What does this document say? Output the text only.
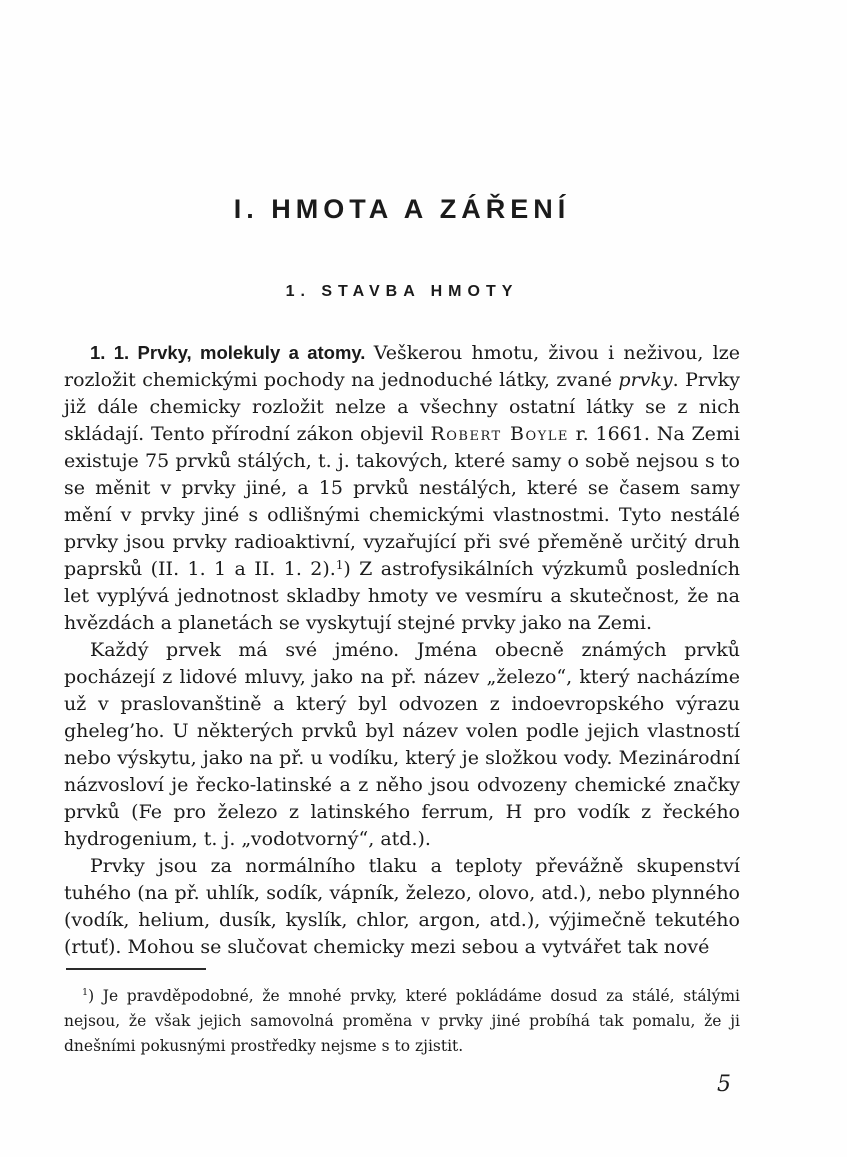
I. HMOTA A ZÁŘENÍ
1. STAVBA HMOTY

1. 1. Prvky, molekuly a atomy. Veškerou hmotu, živou i neživou, lze rozložit chemickými pochody na jednoduché látky, zvané prvky. Prvky již dále chemicky rozložit nelze a všechny ostatní látky se z nich skládají. Tento přírodní zákon objevil Robert Boyle r. 1661. Na Zemi existuje 75 prvků stálých, t. j. takových, které samy o sobě nejsou s to se měnit v prvky jiné, a 15 prvků nestálých, které se časem samy mění v prvky jiné s odlišnými chemickými vlastnostmi. Tyto nestálé prvky jsou prvky radioaktivní, vyzařující při své přeměně určitý druh paprsků (II. 1. 1 a II. 1. 2).$^1$) Z astrofysikálních výzkumů posledních let vyplývá jednotnost skladby hmoty ve vesmíru a skutečnost, že na hvězdách a planetách se vyskytují stejné prvky jako na Zemi.

Každý prvek má své jméno. Jména obecně známých prvků pocházejí z lidové mluvy, jako na př. název „železo“, který nacházíme už v praslovanštině a který byl odvozen z indoevropského výrazu gheleg’ho. U některých prvků byl název volen podle jejich vlastností nebo výskytu, jako na př. u vodíku, který je složkou vody. Mezinárodní názvosloví je řecko-latinské a z něho jsou odvozeny chemické značky prvků (Fe pro železo z latinského ferrum, H pro vodík z řeckého hydrogenium, t. j. „vodotvorný“, atd.).

Prvky jsou za normálního tlaku a teploty převážně skupenství tuhého (na př. uhlík, sodík, vápník, železo, olovo, atd.), nebo plynného (vodík, helium, dusík, kyslík, chlor, argon, atd.), výjimečně tekutého (rtuť). Mohou se slučovat chemicky mezi sebou a vytvářet tak nové

$^1$) Je pravděpodobné, že mnohé prvky, které pokládáme dosud za stálé, stálými nejsou, že však jejich samovolná proměna v prvky jiné probíhá tak pomalu, že ji dnešními pokusnými prostředky nejsme s to zjistit.
5
